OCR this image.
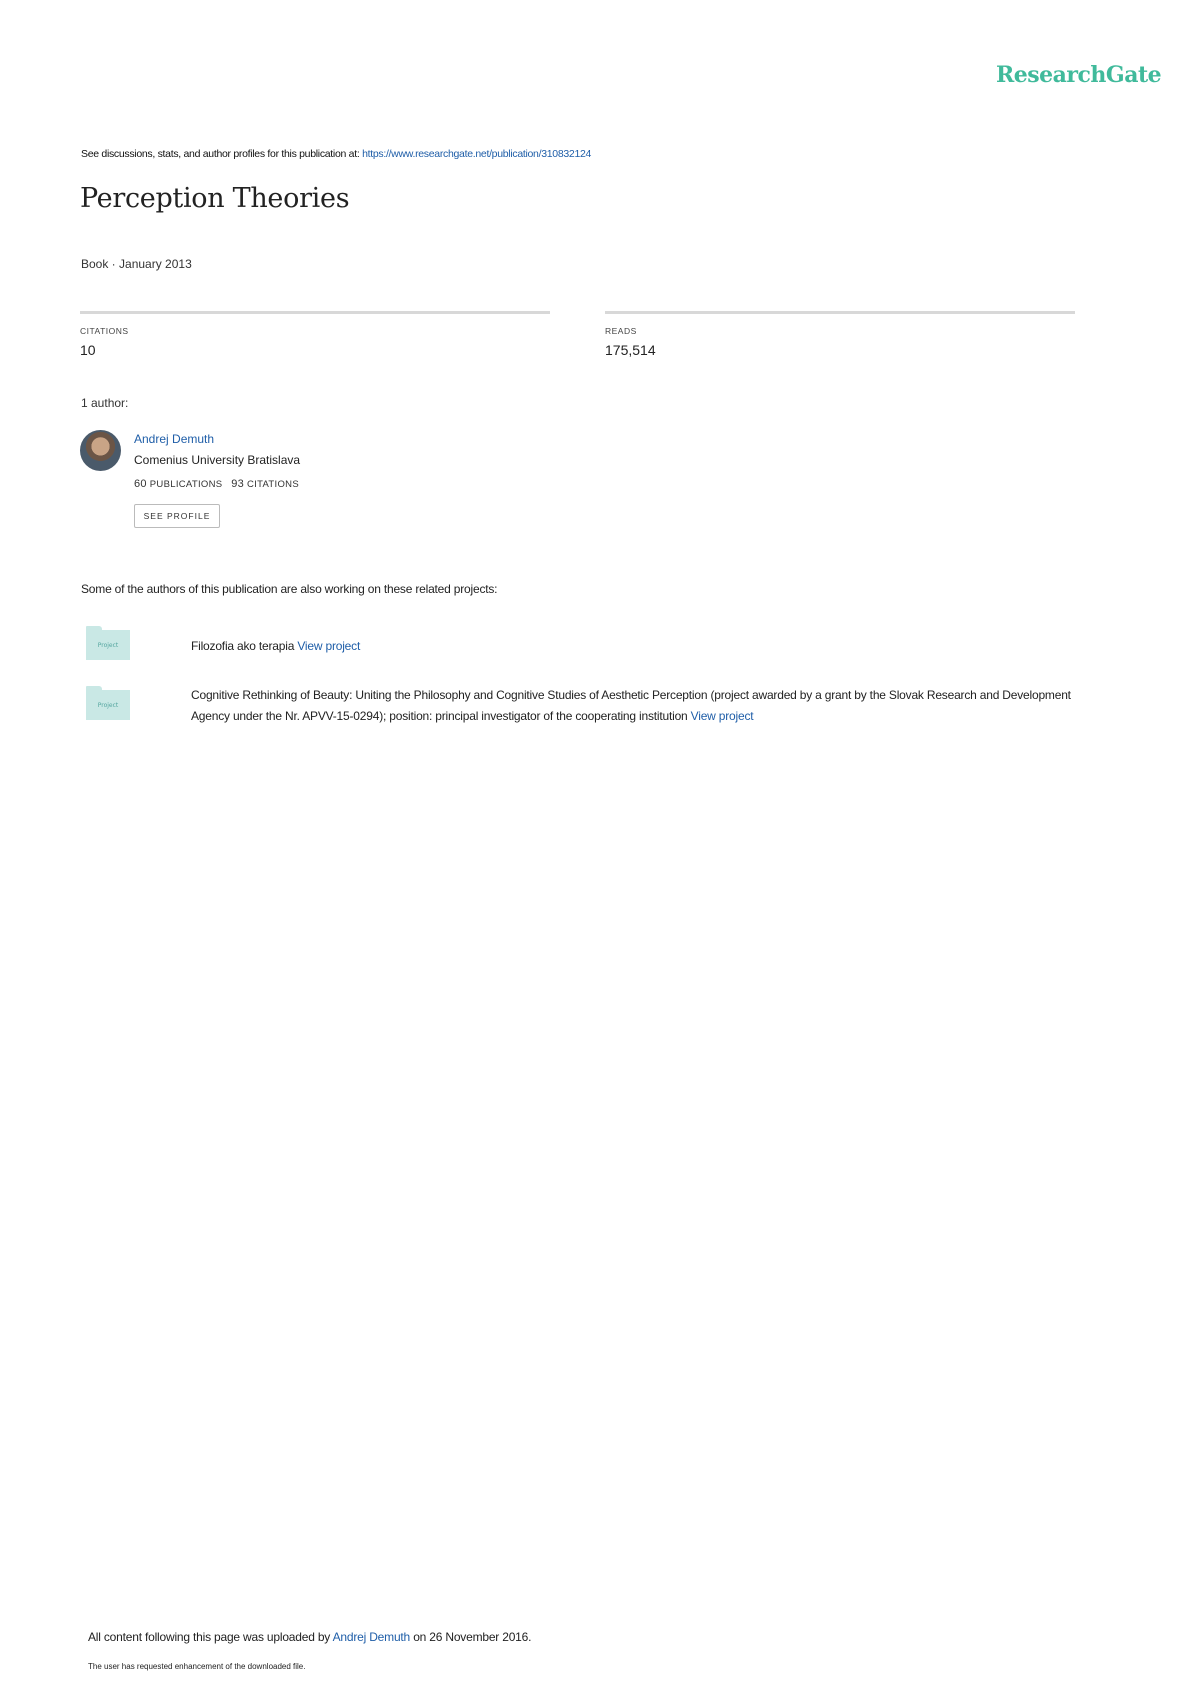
ResearchGate
See discussions, stats, and author profiles for this publication at: https://www.researchgate.net/publication/310832124
Perception Theories
Book · January 2013
CITATIONS
10
READS
175,514
1 author:
Andrej Demuth
Comenius University Bratislava
60 PUBLICATIONS 93 CITATIONS
SEE PROFILE
Some of the authors of this publication are also working on these related projects:
Project	Filozofia ako terapia View project
Project
Cognitive Rethinking of Beauty: Uniting the Philosophy and Cognitive Studies of Aesthetic Perception (project awarded by a grant by the Slovak Research and Development Agency under the Nr. APVV-15-0294); position: principal investigator of the cooperating institution View project
All content following this page was uploaded by Andrej Demuth on 26 November 2016.
The user has requested enhancement of the downloaded file.
